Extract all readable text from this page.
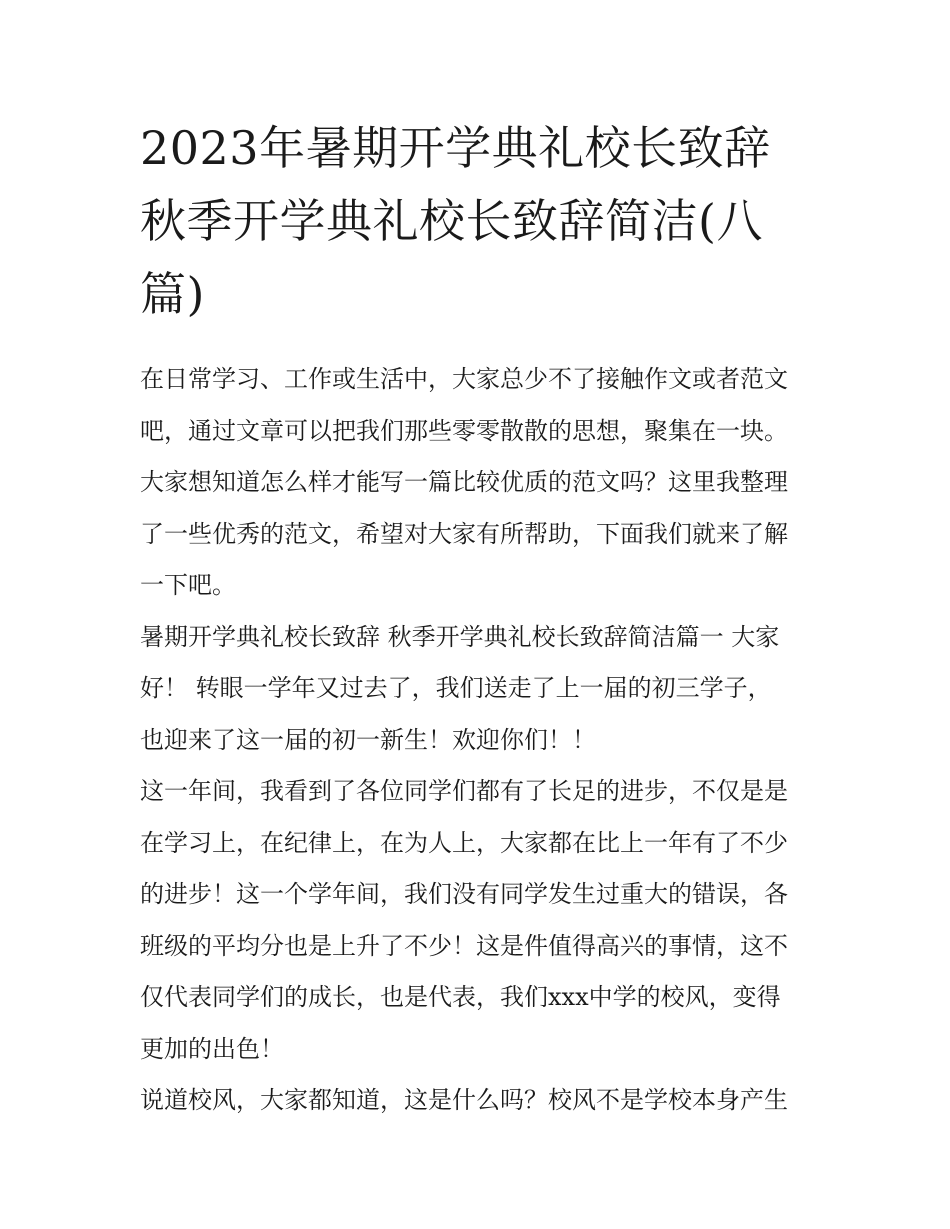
2023年暑期开学典礼校长致辞
秋季开学典礼校长致辞简洁(八
篇)

在日常学习、工作或生活中，大家总少不了接触作文或者范文
吧，通过文章可以把我们那些零零散散的思想，聚集在一块。
大家想知道怎么样才能写一篇比较优质的范文吗？这里我整理
了一些优秀的范文，希望对大家有所帮助，下面我们就来了解
一下吧。

暑期开学典礼校长致辞 秋季开学典礼校长致辞简洁篇一 大家
好！ 转眼一学年又过去了，我们送走了上一届的初三学子，
也迎来了这一届的初一新生！欢迎你们！！

这一年间，我看到了各位同学们都有了长足的进步，不仅是是
在学习上，在纪律上，在为人上，大家都在比上一年有了不少
的进步！这一个学年间，我们没有同学发生过重大的错误，各
班级的平均分也是上升了不少！这是件值得高兴的事情，这不
仅代表同学们的成长，也是代表，我们xxx中学的校风，变得
更加的出色！

说道校风，大家都知道，这是什么吗？校风不是学校本身产生
